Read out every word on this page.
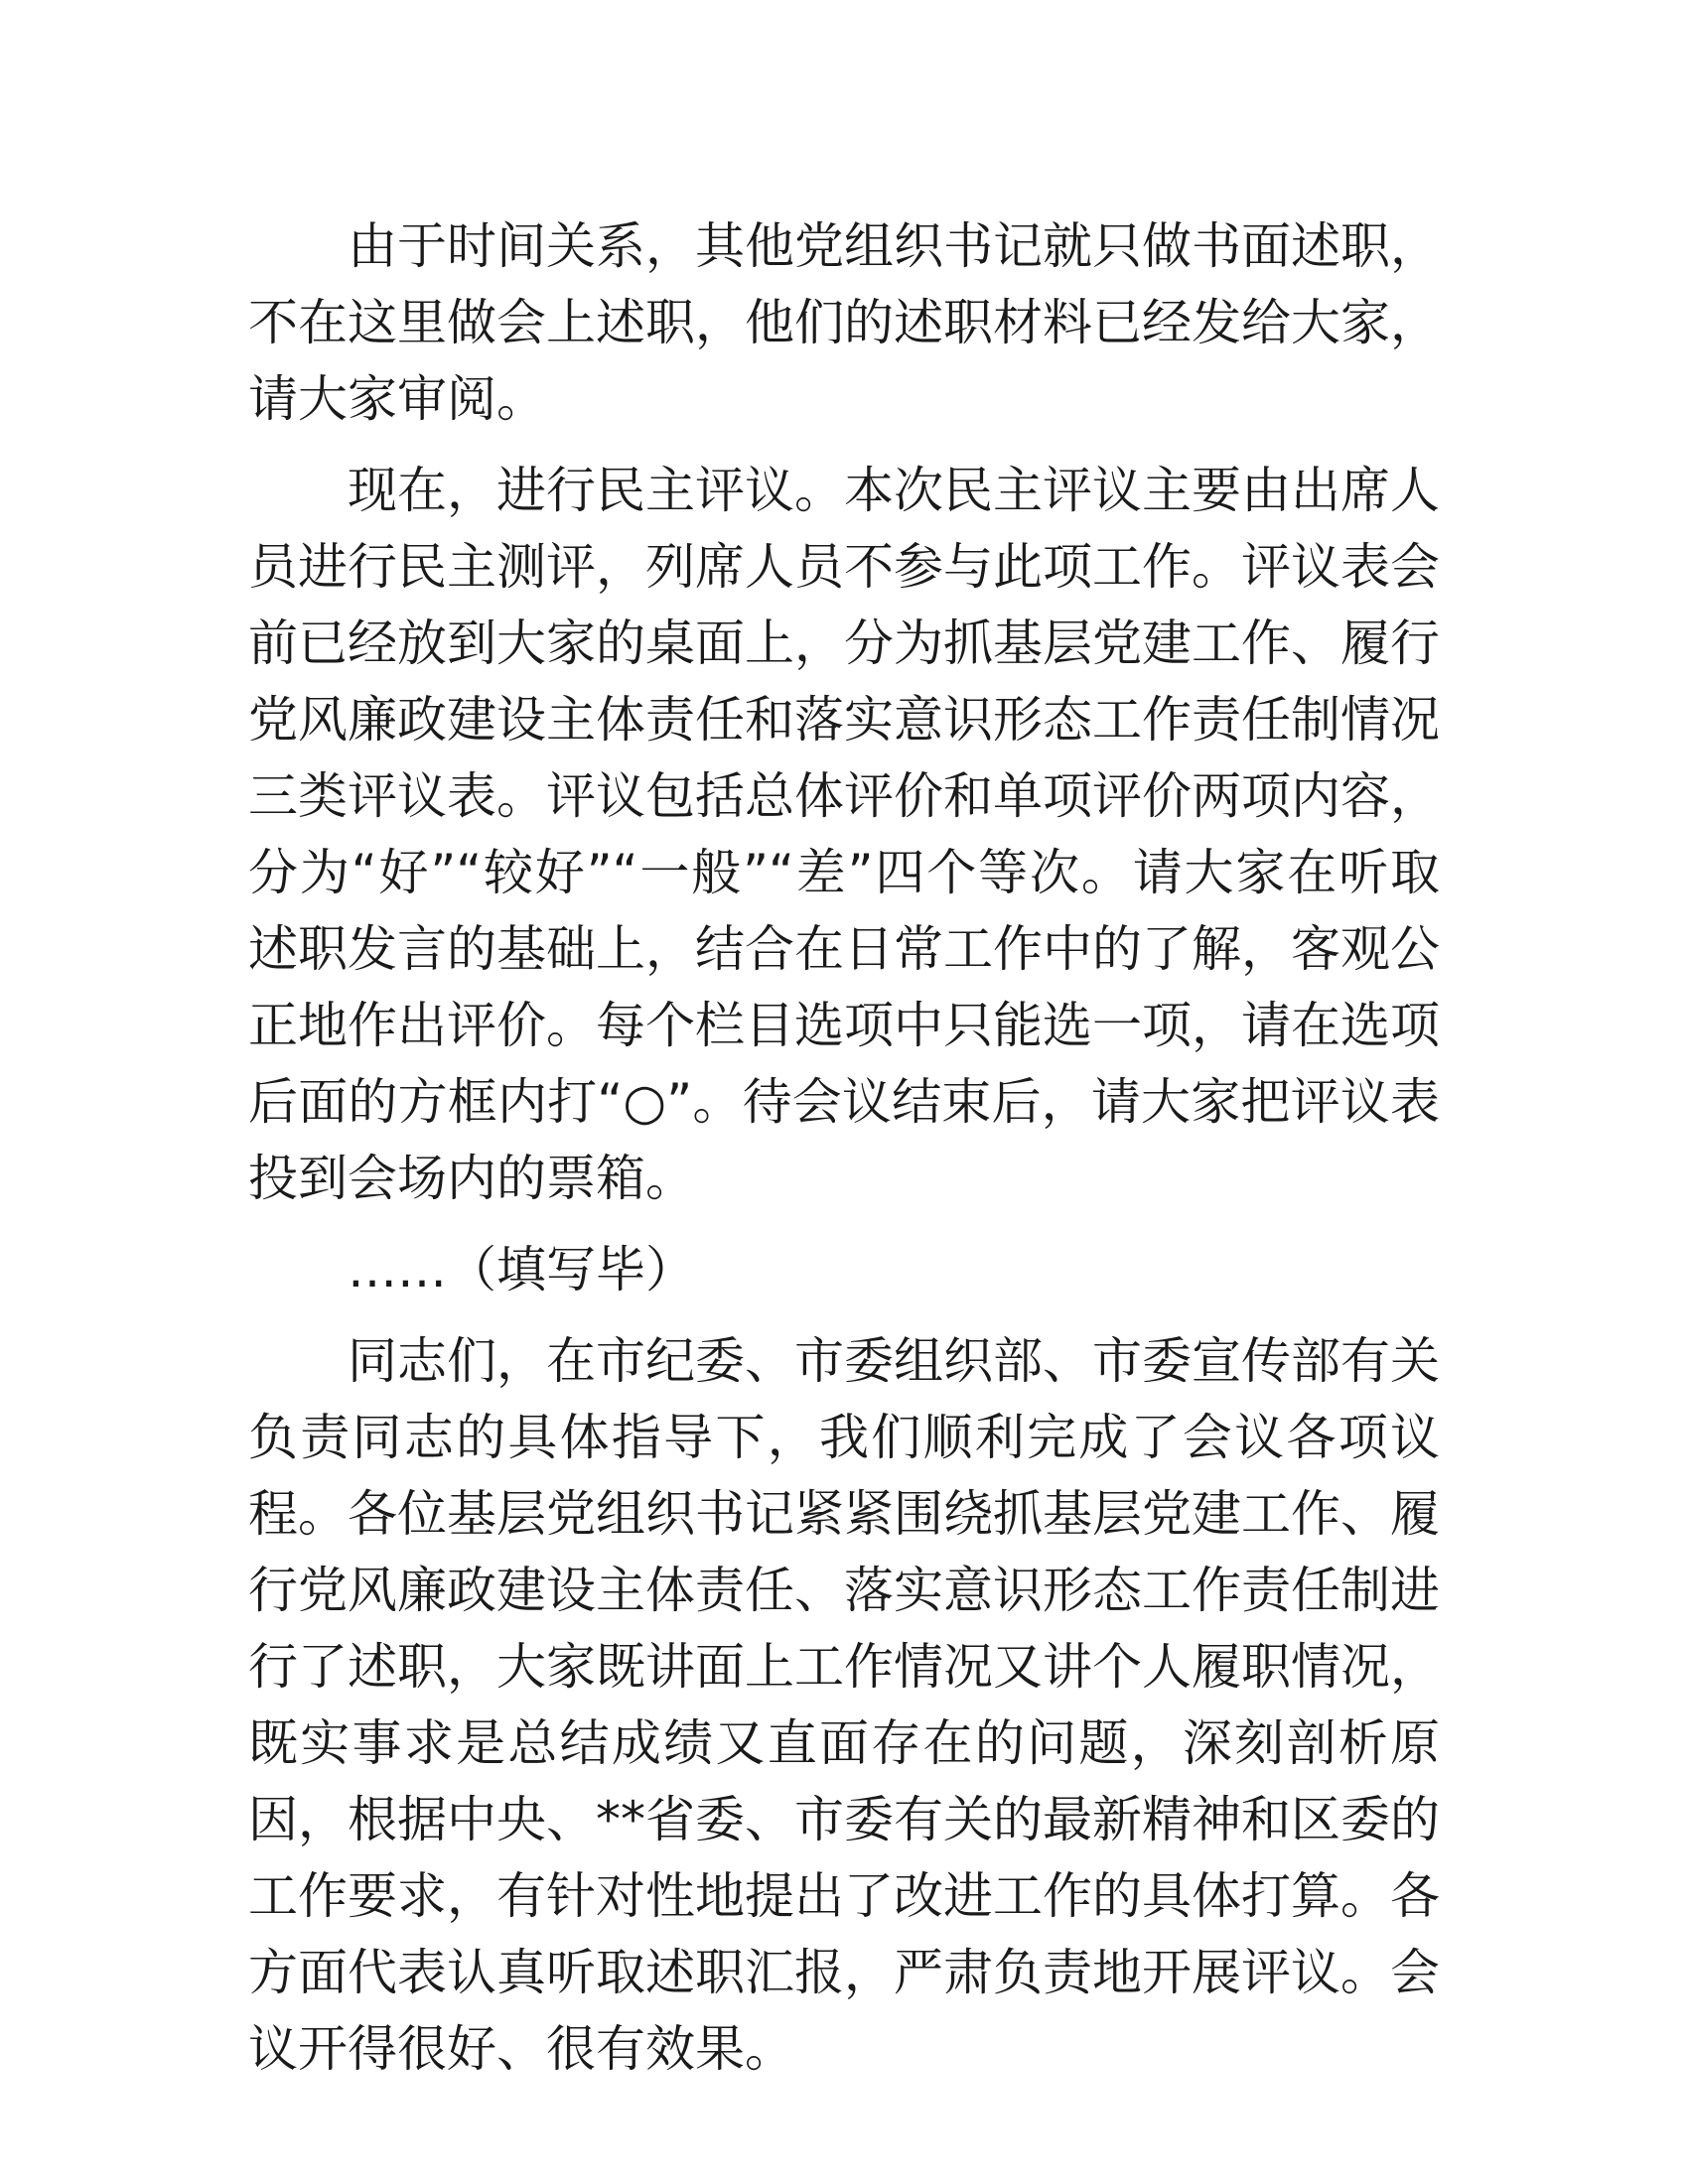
由于时间关系，其他党组织书记就只做书面述职，不在这里做会上述职，他们的述职材料已经发给大家，请大家审阅。

现在，进行民主评议。本次民主评议主要由出席人员进行民主测评，列席人员不参与此项工作。评议表会前已经放到大家的桌面上，分为抓基层党建工作、履行党风廉政建设主体责任和落实意识形态工作责任制情况三类评议表。评议包括总体评价和单项评价两项内容，分为“好”“较好”“一般”“差”四个等次。请大家在听取述职发言的基础上，结合在日常工作中的了解，客观公正地作出评价。每个栏目选项中只能选一项，请在选项后面的方框内打“○”。待会议结束后，请大家把评议表投到会场内的票箱。

……（填写毕）

同志们，在市纪委、市委组织部、市委宣传部有关负责同志的具体指导下，我们顺利完成了会议各项议程。各位基层党组织书记紧紧围绕抓基层党建工作、履行党风廉政建设主体责任、落实意识形态工作责任制进行了述职，大家既讲面上工作情况又讲个人履职情况，既实事求是总结成绩又直面存在的问题，深刻剖析原因，根据中央、**省委、市委有关的最新精神和区委的工作要求，有针对性地提出了改进工作的具体打算。各方面代表认真听取述职汇报，严肃负责地开展评议。会议开得很好、很有效果。
